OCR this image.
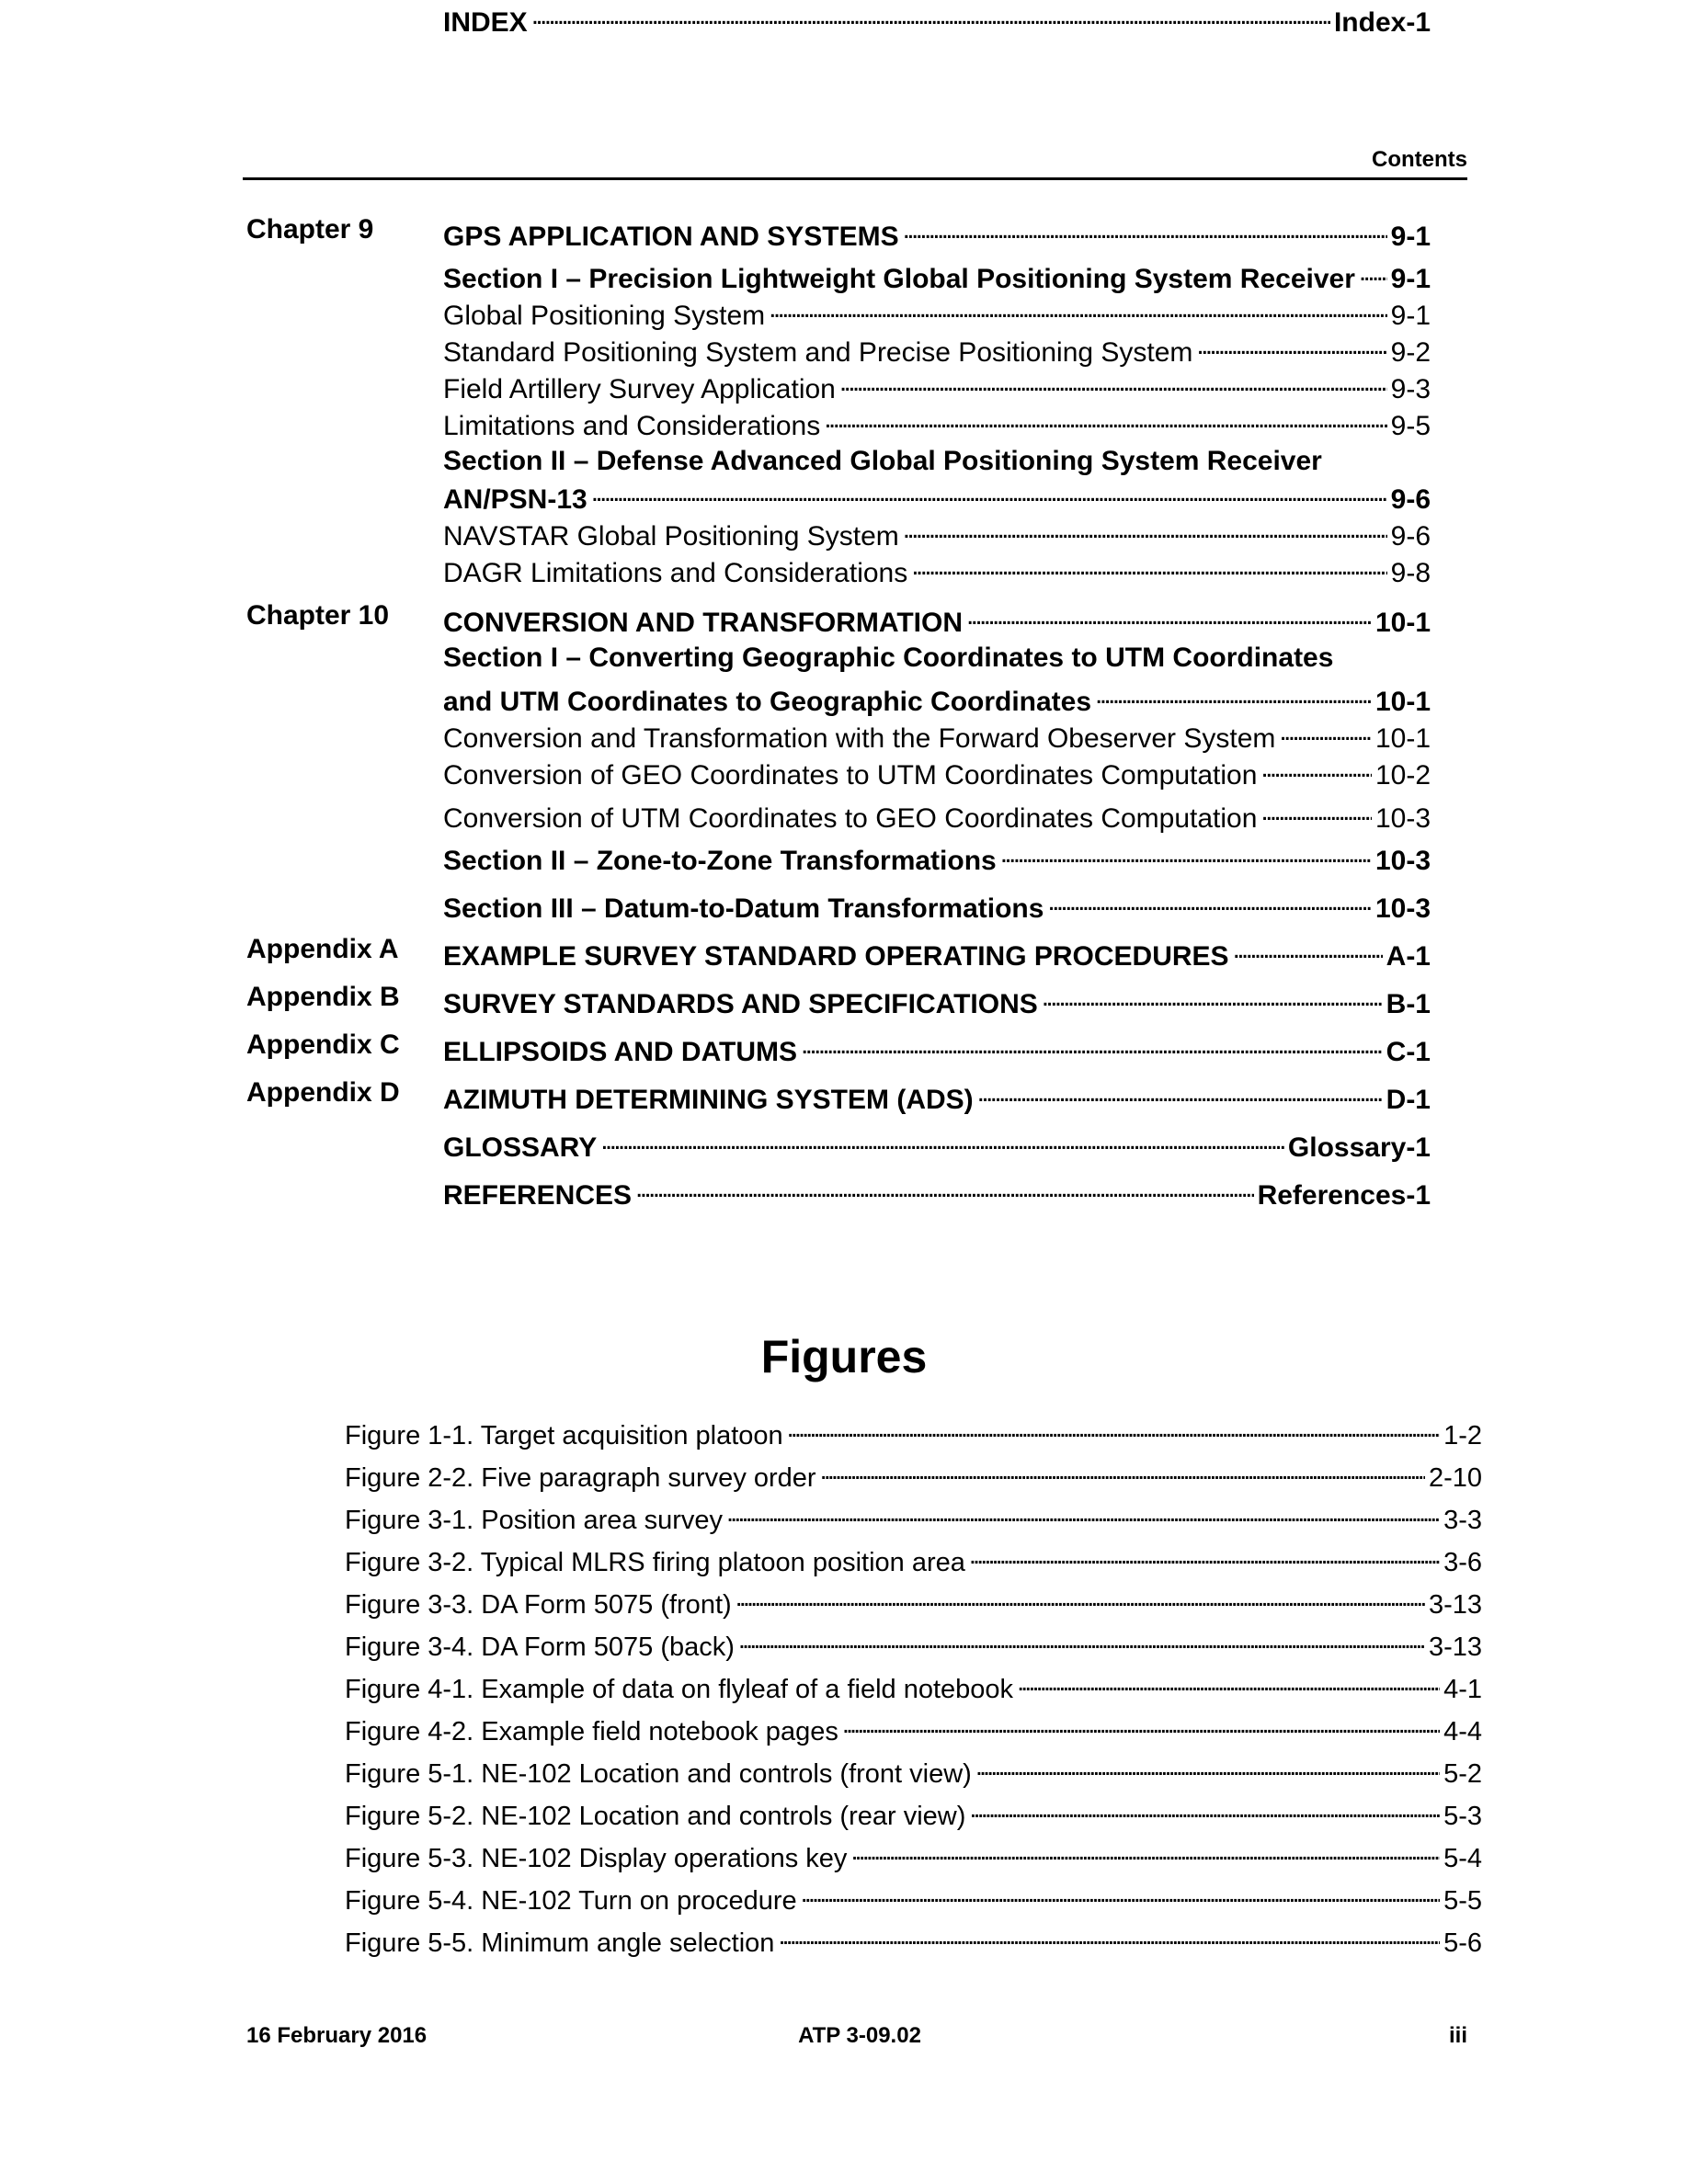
Contents
Chapter 9	GPS APPLICATION AND SYSTEMS . . .	9-1
Section I – Precision Lightweight Global Positioning System Receiver . . . 9-1
Global Positioning System . . .	9-1
Standard Positioning System and Precise Positioning System . . .	9-2
Field Artillery Survey Application . . .	9-3
Limitations and Considerations . . .	9-5
Section II – Defense Advanced Global Positioning System Receiver
AN/PSN-13 . . .	9-6
NAVSTAR Global Positioning System . . .	9-6
DAGR Limitations and Considerations . . .	9-8
Chapter 10 CONVERSION AND TRANSFORMATION . . .	10-1
Section I – Converting Geographic Coordinates to UTM Coordinates
and UTM Coordinates to Geographic Coordinates . . .	10-1
Conversion and Transformation with the Forward Obeserver System . . .	10-1
Conversion of GEO Coordinates to UTM Coordinates Computation . . .	10-2
Conversion of UTM Coordinates to GEO Coordinates Computation . . .	10-3
Section II – Zone-to-Zone Transformations . . .	10-3
Section III – Datum-to-Datum Transformations . . .	10-3
Appendix A EXAMPLE SURVEY STANDARD OPERATING PROCEDURES . . .	A-1
Appendix B SURVEY STANDARDS AND SPECIFICATIONS . . .	B-1
Appendix C ELLIPSOIDS AND DATUMS . . .	C-1
Appendix D AZIMUTH DETERMINING SYSTEM (ADS) . . .	D-1
GLOSSARY . . .	Glossary-1
REFERENCES . . .	References-1
INDEX . . .	Index-1
Figures
Figure 1-1. Target acquisition platoon . . .	1-2
Figure 2-2. Five paragraph survey order . . .	2-10
Figure 3-1. Position area survey . . .	3-3
Figure 3-2. Typical MLRS firing platoon position area . . .	3-6
Figure 3-3. DA Form 5075 (front) . . .	3-13
Figure 3-4. DA Form 5075 (back) . . .	3-13
Figure 4-1. Example of data on flyleaf of a field notebook . . .	4-1
Figure 4-2. Example field notebook pages . . .	4-4
Figure 5-1. NE-102 Location and controls (front view) . . .	5-2
Figure 5-2. NE-102 Location and controls (rear view) . . .	5-3
Figure 5-3. NE-102 Display operations key . . .	5-4
Figure 5-4. NE-102 Turn on procedure . . .	5-5
Figure 5-5. Minimum angle selection . . .	5-6
16 February 2016	ATP 3-09.02	iii
